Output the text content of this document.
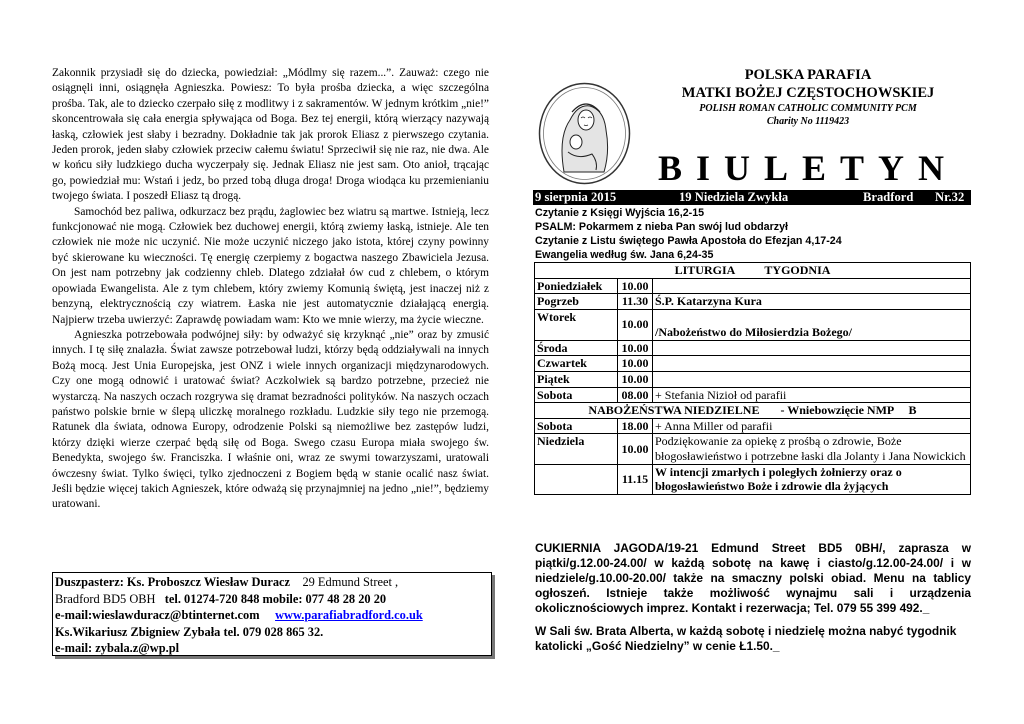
Zakonnik przysiadł się do dziecka, powiedział: „Módlmy się razem...”. Zauważ: czego nie osiągnęli inni, osiągnęła Agnieszka. Powiesz: To była prośba dziecka, a więc szczególna prośba. Tak, ale to dziecko czerpało siłę z modlitwy i z sakramentów. W jednym krótkim „nie!” skoncentrowała się cała energia spływająca od Boga. Bez tej energii, którą wierzący nazywają łaską, człowiek jest słaby i bezradny. Dokładnie tak jak prorok Eliasz z pierwszego czytania. Jeden prorok, jeden słaby człowiek przeciw całemu światu! Sprzeciwił się nie raz, nie dwa. Ale w końcu siły ludzkiego ducha wyczerpały się. Jednak Eliasz nie jest sam. Oto anioł, trącając go, powiedział mu: Wstań i jedz, bo przed tobą długa droga! Droga wiodąca ku przemienianiu twojego świata. I poszedł Eliasz tą drogą.

Samochód bez paliwa, odkurzacz bez prądu, żaglowiec bez wiatru są martwe. Istnieją, lecz funkcjonować nie mogą. Człowiek bez duchowej energii, którą zwiemy łaską, istnieje. Ale ten człowiek nie może nic uczynić. Nie może uczynić niczego jako istota, której czyny powinny być skierowane ku wieczności. Tę energię czerpiemy z bogactwa naszego Zbawiciela Jezusa. On jest nam potrzebny jak codzienny chleb. Dlatego zdziałał ów cud z chlebem, o którym opowiada Ewangelista. Ale z tym chlebem, który zwiemy Komunią świętą, jest inaczej niż z benzyną, elektrycznością czy wiatrem. Łaska nie jest automatycznie działającą energią. Najpierw trzeba uwierzyć: Zaprawdę powiadam wam: Kto we mnie wierzy, ma życie wieczne.

Agnieszka potrzebowała podwójnej siły: by odważyć się krzyknąć „nie” oraz by zmusić innych. I tę siłę znalazła. Świat zawsze potrzebował ludzi, którzy będą oddziaływali na innych Bożą mocą. Jest Unia Europejska, jest ONZ i wiele innych organizacji międzynarodowych. Czy one mogą odnowić i uratować świat? Aczkolwiek są bardzo potrzebne, przecież nie wystarczą. Na naszych oczach rozgrywa się dramat bezradności polityków. Na naszych oczach państwo polskie brnie w ślepą uliczkę moralnego rozkładu. Ludzkie siły tego nie przemogą. Ratunek dla świata, odnowa Europy, odrodzenie Polski są niemożliwe bez zastępów ludzi, którzy dzięki wierze czerpać będą siłę od Boga. Swego czasu Europa miała swojego św. Benedykta, swojego św. Franciszka. I właśnie oni, wraz ze swymi towarzyszami, uratowali ówczesny świat. Tylko święci, tylko zjednoczeni z Bogiem będą w stanie ocalić nasz świat. Jeśli będzie więcej takich Agnieszek, które odważą się przynajmniej na jedno „nie!”, będziemy uratowani.

Duszpasterz: Ks. Proboszcz Wiesław Duracz 29 Edmund Street ,
Bradford BD5 OBH tel. 01274-720 848 mobile: 077 48 28 20 20
e-mail:wieslawduracz@btinternet.com www.parafiabradford.co.uk
Ks.Wikariusz Zbigniew Zybała tel. 079 028 865 32.
e-mail: zybala.z@wp.pl
POLSKA PARAFIA
MATKI BOŻEJ CZĘSTOCHOWSKIEJ
POLISH ROMAN CATHOLIC COMMUNITY PCM
Charity No 1119423
BIULETYN
9 sierpnia 2015	19 Niedziela Zwykła	Bradford Nr.32
Czytanie z Księgi Wyjścia 16,2-15
PSALM: Pokarmem z nieba Pan swój lud obdarzył
Czytanie z Listu świętego Pawła Apostoła do Efezjan 4,17-24
Ewangelia według św. Jana 6,24-35
LITURGIA          TYGODNIA		
Poniedziałek	10.00	
Pogrzeb	11.30	Ś.P. Katarzyna Kura
Wtorek	10.00	/Nabożeństwo do Miłosierdzia Bożego/
Środa	10.00	
Czwartek	10.00	
Piątek	10.00	
Sobota	08.00	+ Stefania Nizioł od parafii
NABOŻEŃSTWA NIEDZIELNE       - Wniebowzięcie NMP     B		
Sobota	18.00	+ Anna Miller od parafii
Niedziela	10.00	Podziękowanie za opiekę z prośbą o zdrowie, Boże błogosławieństwo i potrzebne łaski dla Jolanty i Jana Nowickich
	11.15	W intencji zmarłych i poległych żołnierzy oraz o błogosławieństwo Boże i zdrowie dla żyjących
CUKIERNIA JAGODA/19-21 Edmund Street BD5 0BH/, zaprasza w piątki/g.12.00-24.00/ w każdą sobotę na kawę i ciasto/g.12.00-24.00/ i w niedziele/g.10.00-20.00/ także na smaczny polski obiad. Menu na tablicy ogłoszeń. Istnieje także możliwość wynajmu sali i urządzenia okolicznościowych imprez. Kontakt i rezerwacja; Tel. 079 55 399 492._
W Sali św. Brata Alberta, w każdą sobotę i niedzielę można nabyć tygodnik katolicki „Gość Niedzielny” w cenie Ł1.50._
